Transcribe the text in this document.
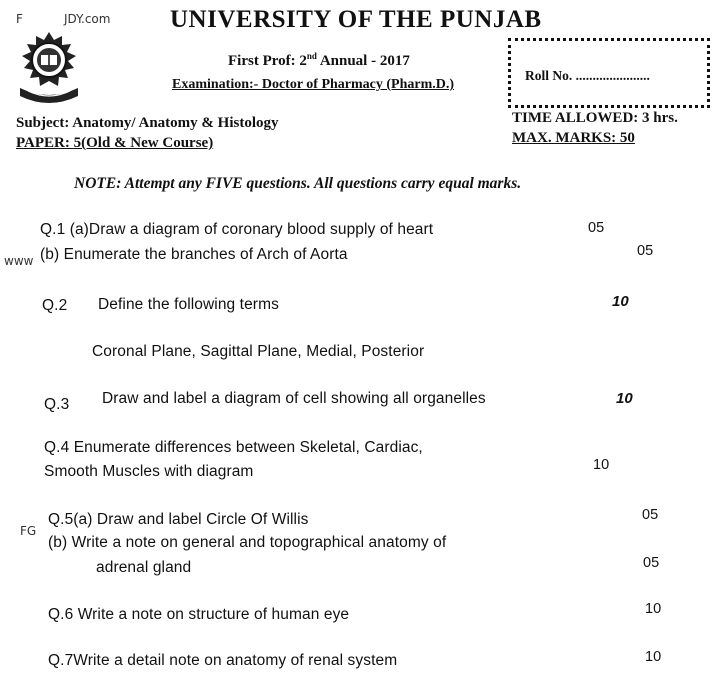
F	JDY.com
www
FG
UNIVERSITY OF THE PUNJAB
First Prof: 2nd Annual - 2017
Examination:- Doctor of Pharmacy (Pharm.D.)
Roll No. ......................
Subject: Anatomy/ Anatomy & Histology
PAPER: 5(Old & New Course)
TIME ALLOWED: 3 hrs.
MAX. MARKS: 50
NOTE: Attempt any FIVE questions. All questions carry equal marks.
Q.1 (a)Draw a diagram of coronary blood supply of heart	05
(b) Enumerate the branches of Arch of Aorta	05
Q.2 Define the following terms	10
Coronal Plane, Sagittal Plane, Medial, Posterior
Q.3 Draw and label a diagram of cell showing all organelles	10
Q.4 Enumerate differences between Skeletal, Cardiac,
Smooth Muscles with diagram	10
Q.5(a) Draw and label Circle Of Willis	05
(b) Write a note on general and topographical anatomy of
adrenal gland	05
Q.6 Write a note on structure of human eye	10
Q.7Write a detail note on anatomy of renal system	10
